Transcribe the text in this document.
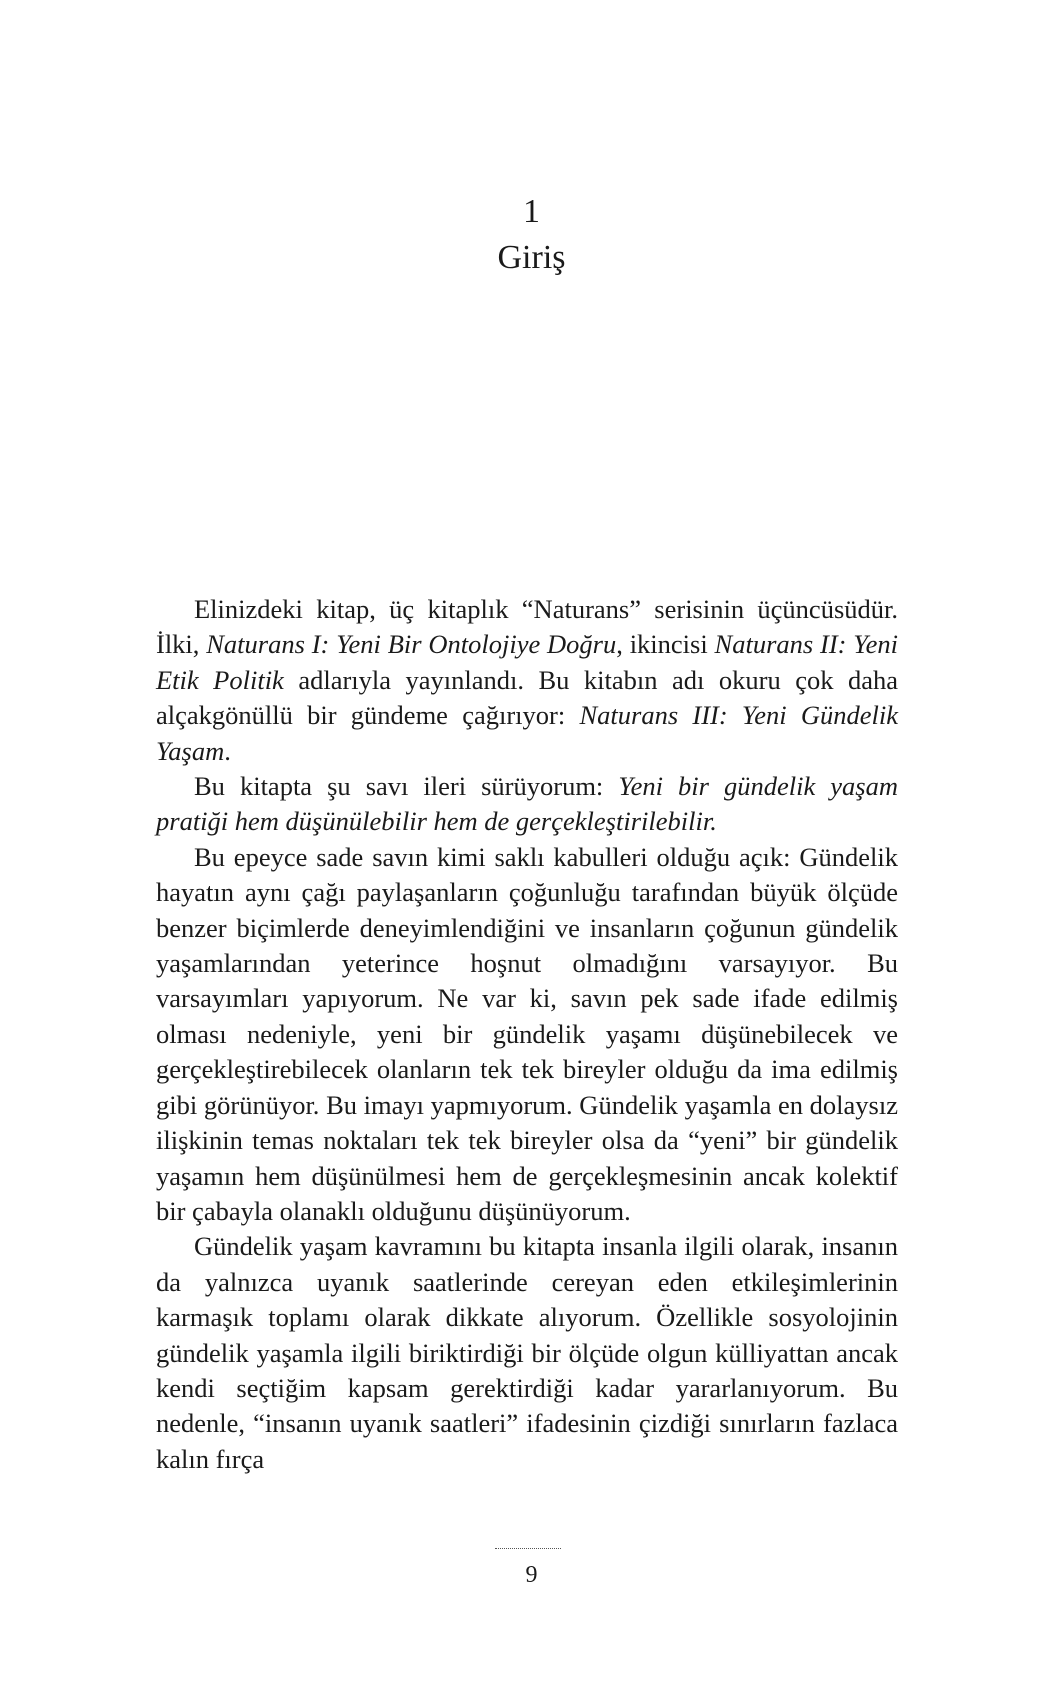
1
Giriş

Elinizdeki kitap, üç kitaplık “Naturans” serisinin üçüncüsüdür. İlki, Naturans I: Yeni Bir Ontolojiye Doğru, ikincisi Naturans II: Yeni Etik Politik adlarıyla yayınlandı. Bu kitabın adı okuru çok daha alçakgönüllü bir gündeme çağırıyor: Naturans III: Yeni Gündelik Yaşam.

Bu kitapta şu savı ileri sürüyorum: Yeni bir gündelik yaşam pratiği hem düşünülebilir hem de gerçekleştirilebilir.

Bu epeyce sade savın kimi saklı kabulleri olduğu açık: Gündelik hayatın aynı çağı paylaşanların çoğunluğu tarafından büyük ölçüde benzer biçimlerde deneyimlendiğini ve insanların çoğunun gündelik yaşamlarından yeterince hoşnut olmadığını varsayıyor. Bu varsayımları yapıyorum. Ne var ki, savın pek sade ifade edilmiş olması nedeniyle, yeni bir gündelik yaşamı düşünebilecek ve gerçekleştirebilecek olanların tek tek bireyler olduğu da ima edilmiş gibi görünüyor. Bu imayı yapmıyorum. Gündelik yaşamla en dolaysız ilişkinin temas noktaları tek tek bireyler olsa da “yeni” bir gündelik yaşamın hem düşünülmesi hem de gerçekleşmesinin ancak kolektif bir çabayla olanaklı olduğunu düşünüyorum.

Gündelik yaşam kavramını bu kitapta insanla ilgili olarak, insanın da yalnızca uyanık saatlerinde cereyan eden etkileşimlerinin karmaşık toplamı olarak dikkate alıyorum. Özellikle sosyolojinin gündelik yaşamla ilgili biriktirdiği bir ölçüde olgun külliyattan ancak kendi seçtiğim kapsam gerektirdiği kadar yararlanıyorum. Bu nedenle, “insanın uyanık saatleri” ifadesinin çizdiği sınırların fazlaca kalın fırça

9
